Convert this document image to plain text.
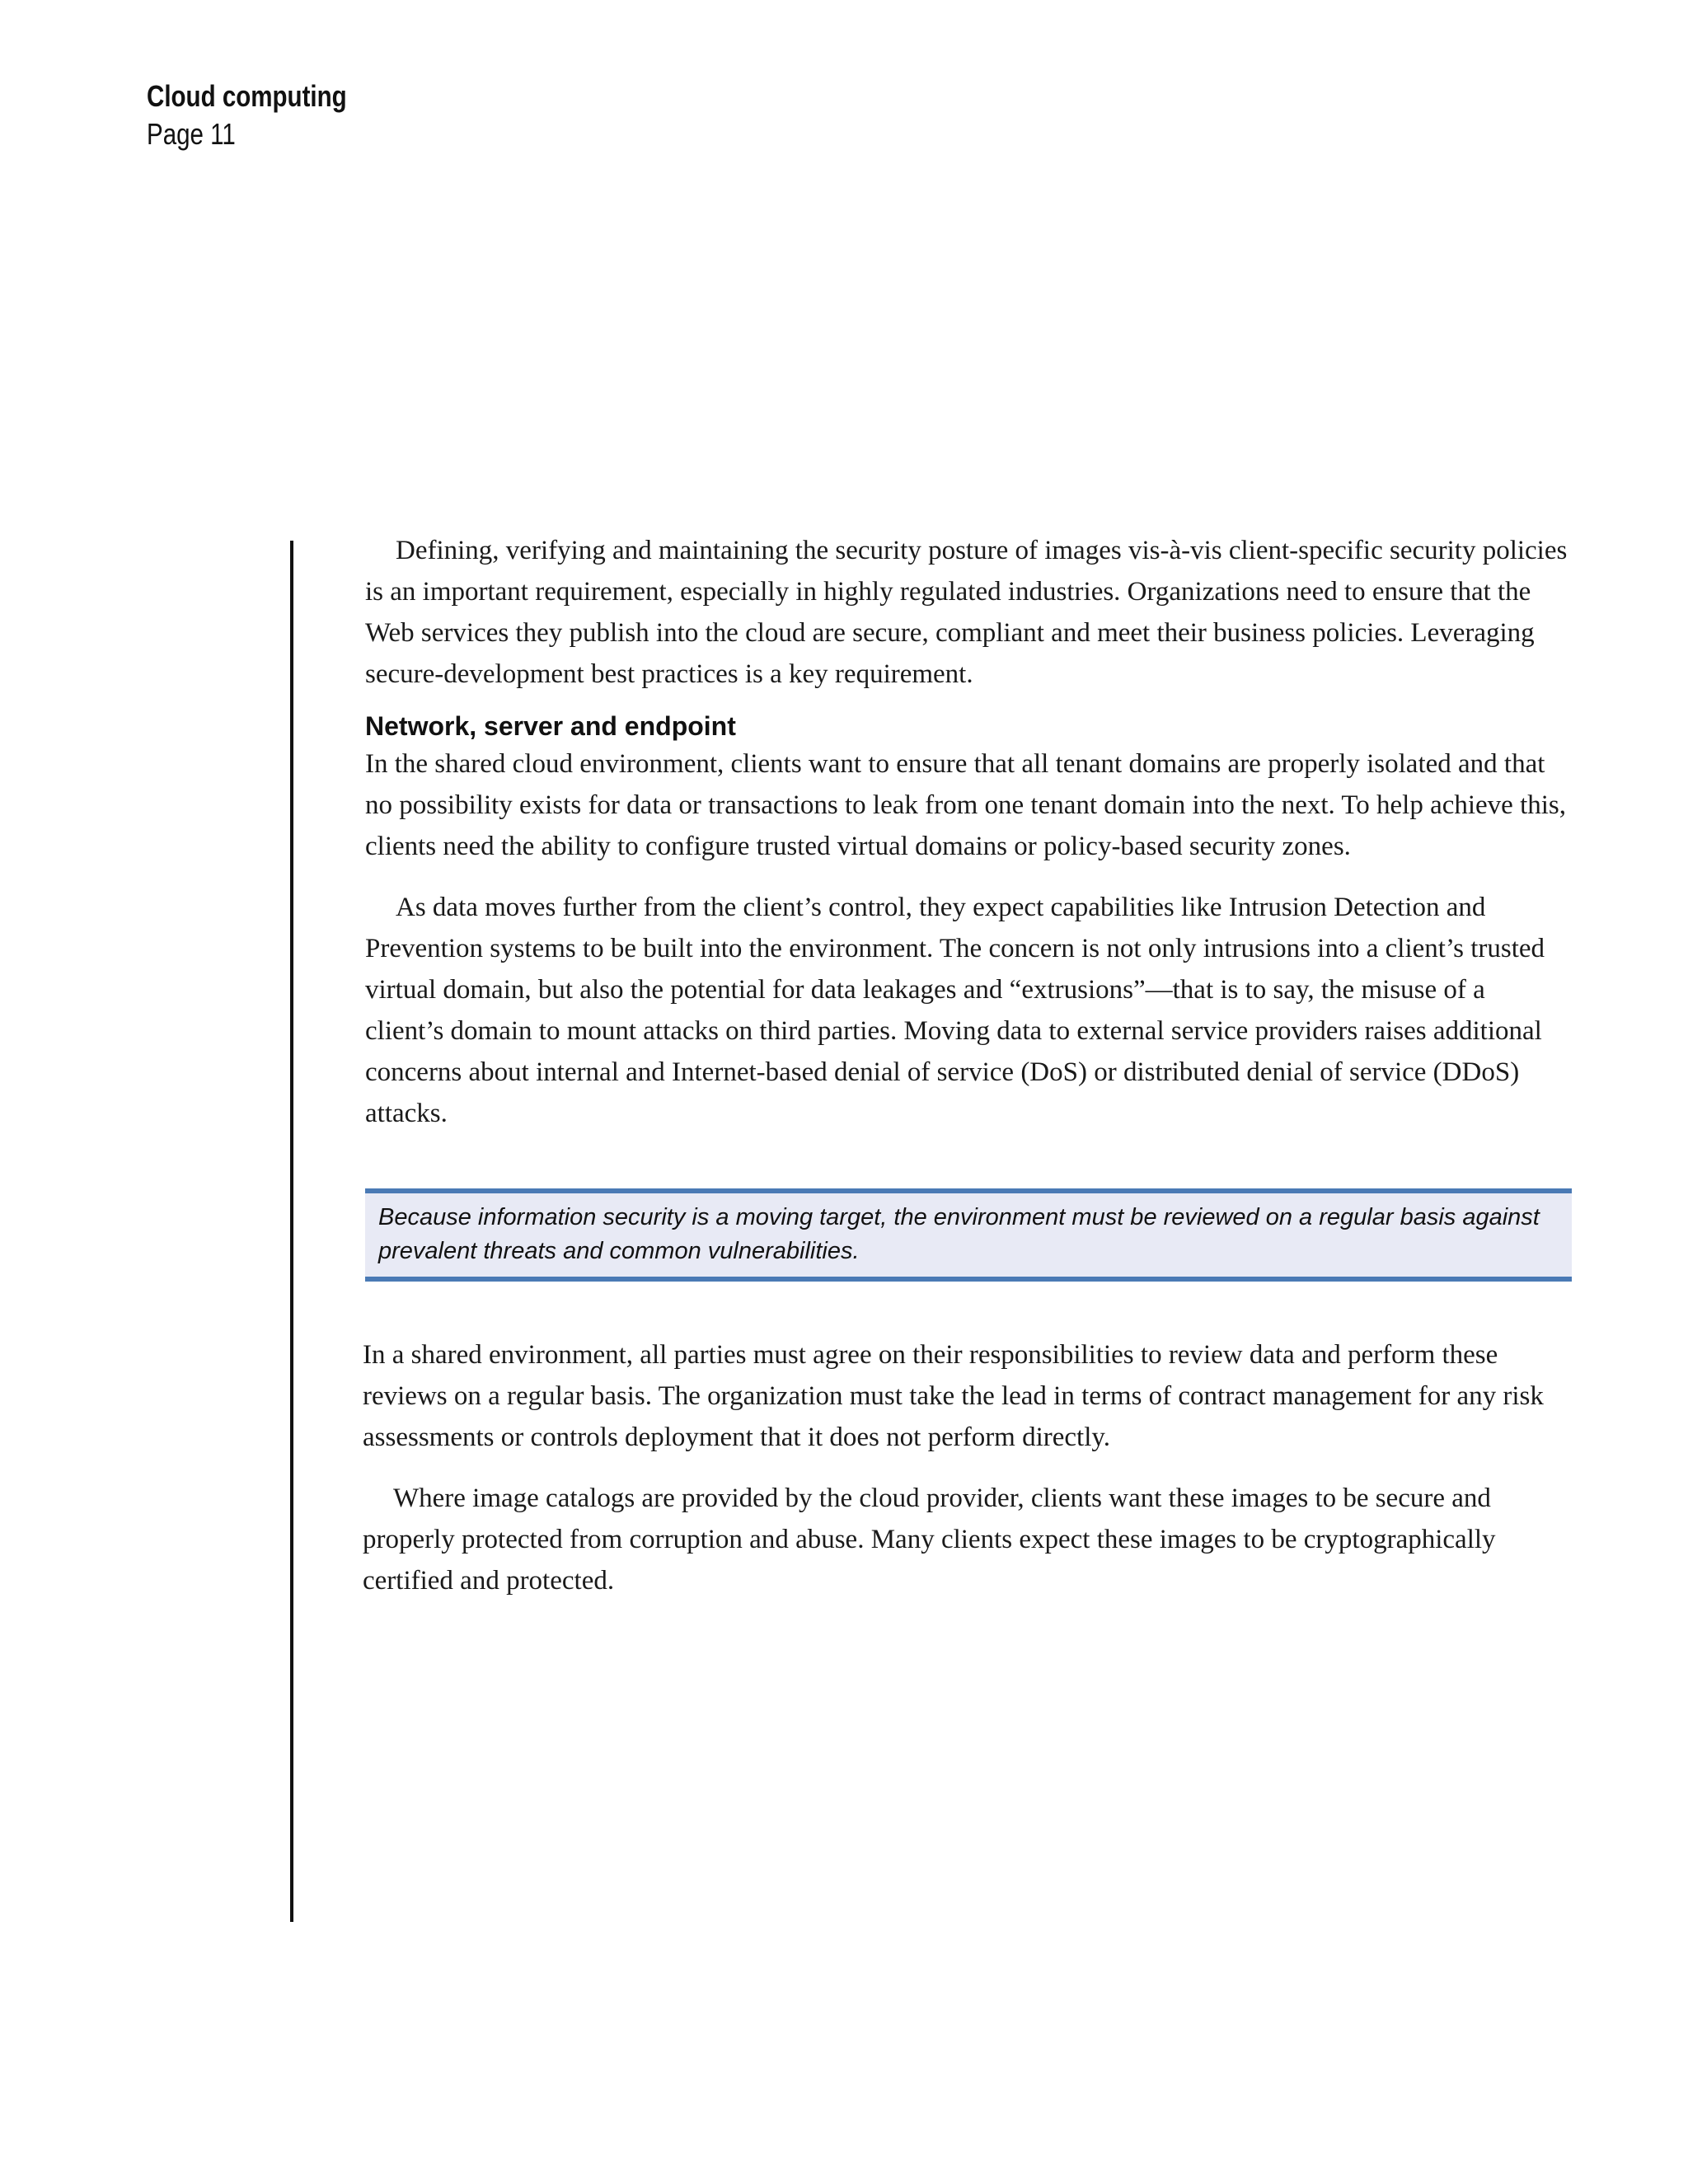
Cloud computing
Page 11

Defining, verifying and maintaining the security posture of images vis-à-vis client-specific security policies is an important requirement, especially in highly regulated industries. Organizations need to ensure that the Web services they publish into the cloud are secure, compliant and meet their business policies. Leveraging secure-development best practices is a key requirement.

Network, server and endpoint

In the shared cloud environment, clients want to ensure that all tenant domains are properly isolated and that no possibility exists for data or transactions to leak from one tenant domain into the next. To help achieve this, clients need the ability to configure trusted virtual domains or policy-based security zones.

As data moves further from the client’s control, they expect capabilities like Intrusion Detection and Prevention systems to be built into the environment. The concern is not only intrusions into a client’s trusted virtual domain, but also the potential for data leakages and “extrusions”—that is to say, the misuse of a client’s domain to mount attacks on third parties. Moving data to external service providers raises additional concerns about internal and Internet-based denial of service (DoS) or distributed denial of service (DDoS) attacks.

Because information security is a moving target, the environment must be reviewed on a regular basis against prevalent threats and common vulnerabilities.

In a shared environment, all parties must agree on their responsibilities to review data and perform these reviews on a regular basis. The organization must take the lead in terms of contract management for any risk assessments or controls deployment that it does not perform directly.

Where image catalogs are provided by the cloud provider, clients want these images to be secure and properly protected from corruption and abuse. Many clients expect these images to be cryptographically certified and protected.
